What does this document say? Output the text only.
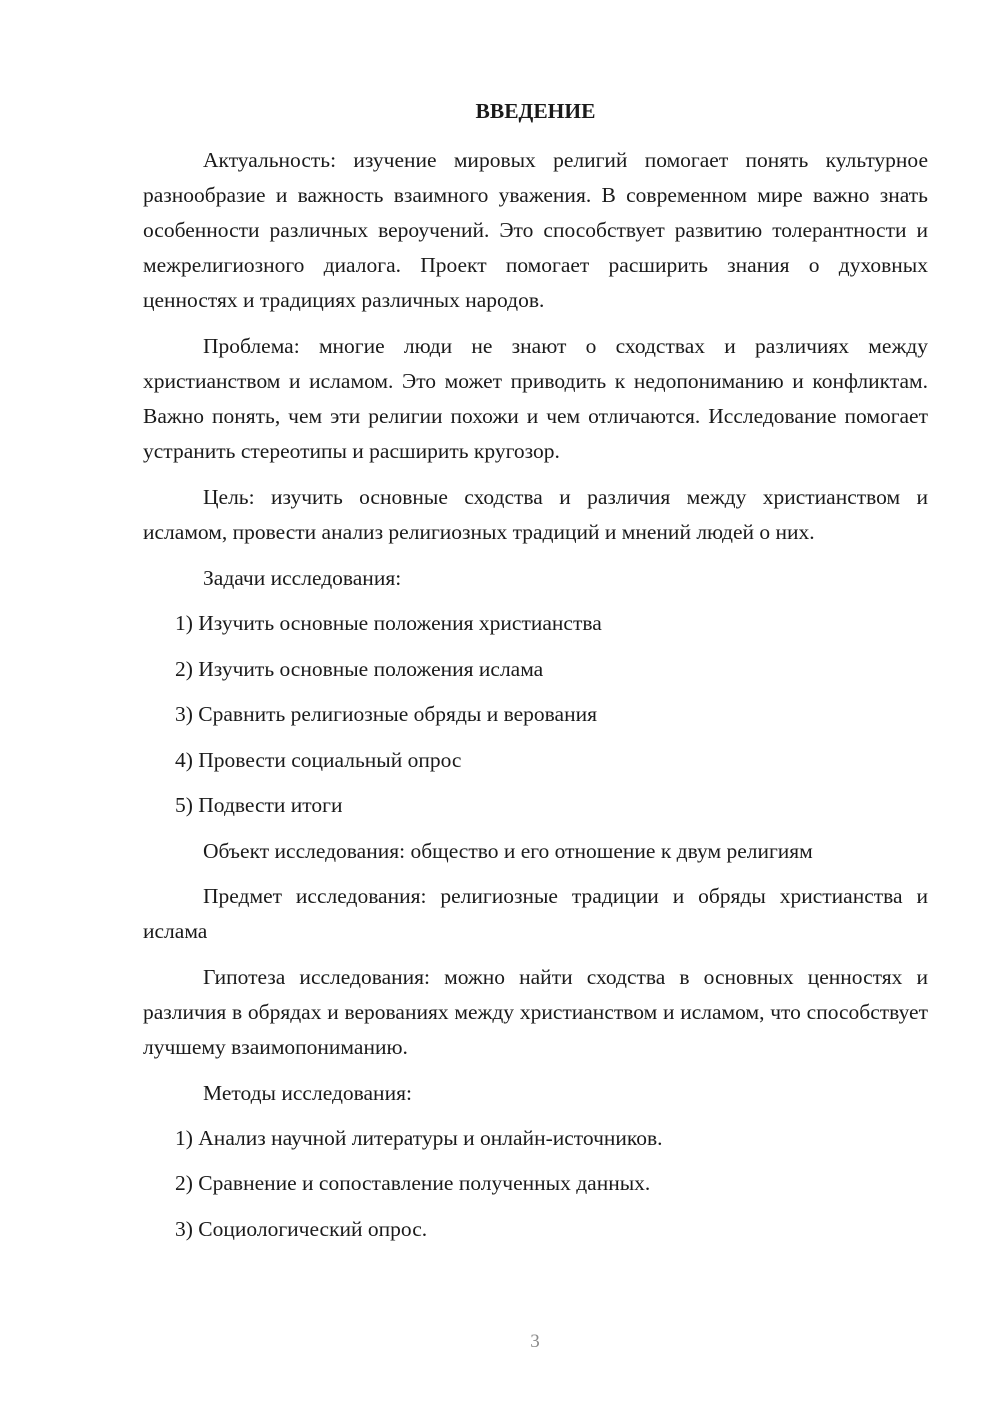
ВВЕДЕНИЕ

Актуальность: изучение мировых религий помогает понять культурное разнообразие и важность взаимного уважения. В современном мире важно знать особенности различных вероучений. Это способствует развитию толерантности и межрелигиозного диалога. Проект помогает расширить знания о духовных ценностях и традициях различных народов.

Проблема: многие люди не знают о сходствах и различиях между христианством и исламом. Это может приводить к недопониманию и конфликтам. Важно понять, чем эти религии похожи и чем отличаются. Исследование помогает устранить стереотипы и расширить кругозор.

Цель: изучить основные сходства и различия между христианством и исламом, провести анализ религиозных традиций и мнений людей о них.

Задачи исследования:

1) Изучить основные положения христианства

2) Изучить основные положения ислама

3) Сравнить религиозные обряды и верования

4) Провести социальный опрос

5) Подвести итоги

Объект исследования: общество и его отношение к двум религиям

Предмет исследования: религиозные традиции и обряды христианства и ислама

Гипотеза исследования: можно найти сходства в основных ценностях и различия в обрядах и верованиях между христианством и исламом, что способствует лучшему взаимопониманию.

Методы исследования:

1) Анализ научной литературы и онлайн-источников.

2) Сравнение и сопоставление полученных данных.

3) Социологический опрос.

3
